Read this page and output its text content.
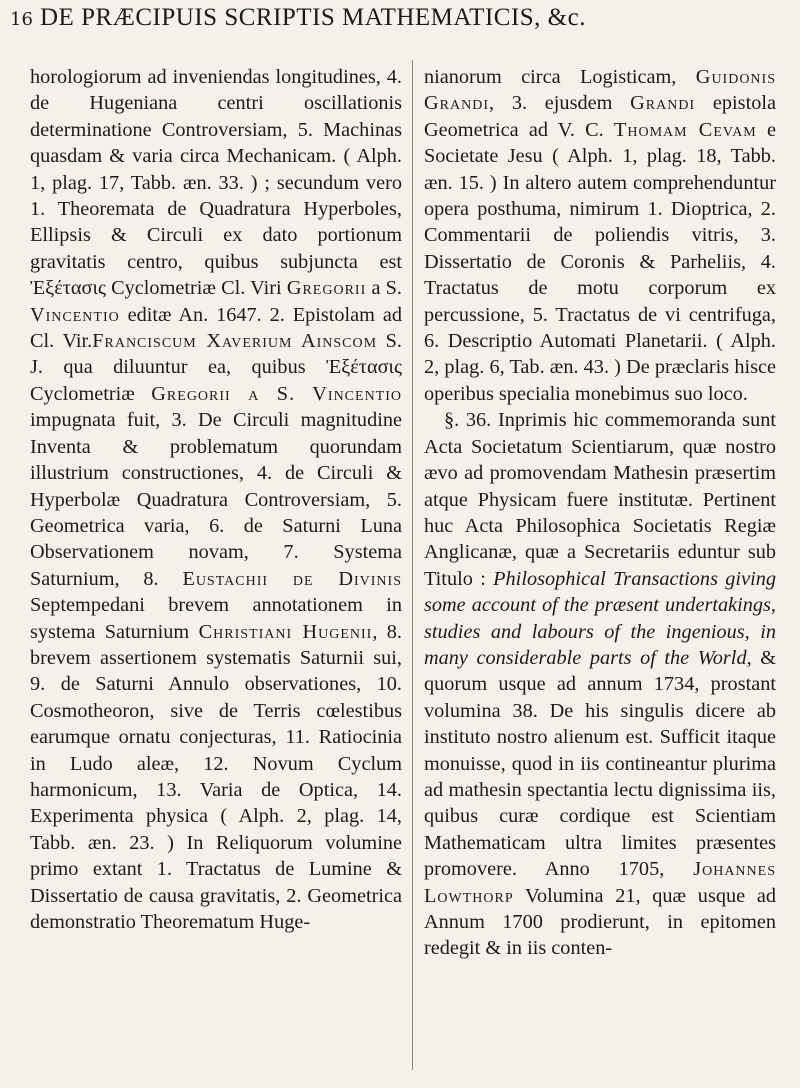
16 DE PRÆCIPUIS SCRIPTIS MATHEMATICIS, &c.

horologiorum ad inveniendas longitudines, 4. de Hugeniana centri oscillationis determinatione Controversiam, 5. Machinas quasdam & varia circa Mechanicam. ( Alph. 1, plag. 17, Tabb. æn. 33. ) ; secundum vero 1. Theoremata de Quadratura Hyperboles, Ellipsis & Circuli ex dato portionum gravitatis centro, quibus subjuncta est Ἐξέτασις Cyclometriæ Cl. Viri Gregorii a S. Vincentio editæ An. 1647. 2. Epistolam ad Cl. Vir.Franciscum Xaverium Ainscom S. J. qua diluuntur ea, quibus Ἐξέτασις Cyclometriæ Gregorii a S. Vincentio impugnata fuit, 3. De Circuli magnitudine Inventa & problematum quorundam illustrium constructiones, 4. de Circuli & Hyperbolæ Quadratura Controversiam, 5. Geometrica varia, 6. de Saturni Luna Observationem novam, 7. Systema Saturnium, 8. Eustachii de Divinis Septempedani brevem annotationem in systema Saturnium Christiani Hugenii, 8. brevem assertionem systematis Saturnii sui, 9. de Saturni Annulo observationes, 10. Cosmotheoron, sive de Terris cœlestibus earumque ornatu conjecturas, 11. Ratiocinia in Ludo aleæ, 12. Novum Cyclum harmonicum, 13. Varia de Optica, 14. Experimenta physica ( Alph. 2, plag. 14, Tabb. æn. 23. ) In Reliquorum volumine primo extant 1. Tractatus de Lumine & Dissertatio de causa gravitatis, 2. Geometrica demonstratio Theorematum Huge-

nianorum circa Logisticam, Guidonis Grandi, 3. ejusdem Grandi epistola Geometrica ad V. C. Thomam Cevam e Societate Jesu ( Alph. 1, plag. 18, Tabb. æn. 15. ) In altero autem comprehenduntur opera posthuma, nimirum 1. Dioptrica, 2. Commentarii de poliendis vitris, 3. Dissertatio de Coronis & Parheliis, 4. Tractatus de motu corporum ex percussione, 5. Tractatus de vi centrifuga, 6. Descriptio Automati Planetarii. ( Alph. 2, plag. 6, Tab. æn. 43. ) De præclaris hisce operibus specialia monebimus suo loco.

§. 36. Inprimis hic commemoranda sunt Acta Societatum Scientiarum, quæ nostro ævo ad promovendam Mathesin præsertim atque Physicam fuere institutæ. Pertinent huc Acta Philosophica Societatis Regiæ Anglicanæ, quæ a Secretariis eduntur sub Titulo : Philosophical Transactions giving some account of the præsent undertakings, studies and labours of the ingenious, in many considerable parts of the World, & quorum usque ad annum 1734, prostant volumina 38. De his singulis dicere ab instituto nostro alienum est. Sufficit itaque monuisse, quod in iis contineantur plurima ad mathesin spectantia lectu dignissima iis, quibus curæ cordique est Scientiam Mathematicam ultra limites præsentes promovere. Anno 1705, Johannes Lowthorp Volumina 21, quæ usque ad Annum 1700 prodierunt, in epitomen redegit & in iis conten-
